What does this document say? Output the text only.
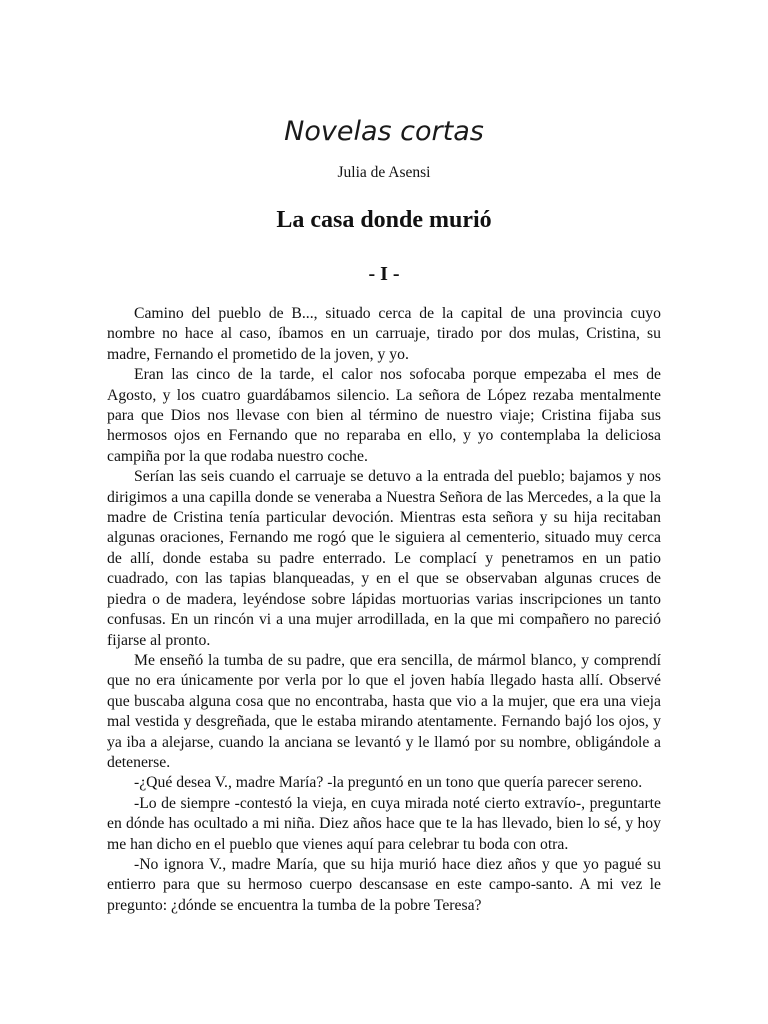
Novelas cortas
Julia de Asensi
La casa donde murió
- I -

Camino del pueblo de B..., situado cerca de la capital de una provincia cuyo nombre no hace al caso, íbamos en un carruaje, tirado por dos mulas, Cristina, su madre, Fernando el prometido de la joven, y yo.

Eran las cinco de la tarde, el calor nos sofocaba porque empezaba el mes de Agosto, y los cuatro guardábamos silencio. La señora de López rezaba mentalmente para que Dios nos llevase con bien al término de nuestro viaje; Cristina fijaba sus hermosos ojos en Fernando que no reparaba en ello, y yo contemplaba la deliciosa campiña por la que rodaba nuestro coche.

Serían las seis cuando el carruaje se detuvo a la entrada del pueblo; bajamos y nos dirigimos a una capilla donde se veneraba a Nuestra Señora de las Mercedes, a la que la madre de Cristina tenía particular devoción. Mientras esta señora y su hija recitaban algunas oraciones, Fernando me rogó que le siguiera al cementerio, situado muy cerca de allí, donde estaba su padre enterrado. Le complací y penetramos en un patio cuadrado, con las tapias blanqueadas, y en el que se observaban algunas cruces de piedra o de madera, leyéndose sobre lápidas mortuorias varias inscripciones un tanto confusas. En un rincón vi a una mujer arrodillada, en la que mi compañero no pareció fijarse al pronto.

Me enseñó la tumba de su padre, que era sencilla, de mármol blanco, y comprendí que no era únicamente por verla por lo que el joven había llegado hasta allí. Observé que buscaba alguna cosa que no encontraba, hasta que vio a la mujer, que era una vieja mal vestida y desgreñada, que le estaba mirando atentamente. Fernando bajó los ojos, y ya iba a alejarse, cuando la anciana se levantó y le llamó por su nombre, obligándole a detenerse.

-¿Qué desea V., madre María? -la preguntó en un tono que quería parecer sereno.

-Lo de siempre -contestó la vieja, en cuya mirada noté cierto extravío-, preguntarte en dónde has ocultado a mi niña. Diez años hace que te la has llevado, bien lo sé, y hoy me han dicho en el pueblo que vienes aquí para celebrar tu boda con otra.

-No ignora V., madre María, que su hija murió hace diez años y que yo pagué su entierro para que su hermoso cuerpo descansase en este campo-santo. A mi vez le pregunto: ¿dónde se encuentra la tumba de la pobre Teresa?
